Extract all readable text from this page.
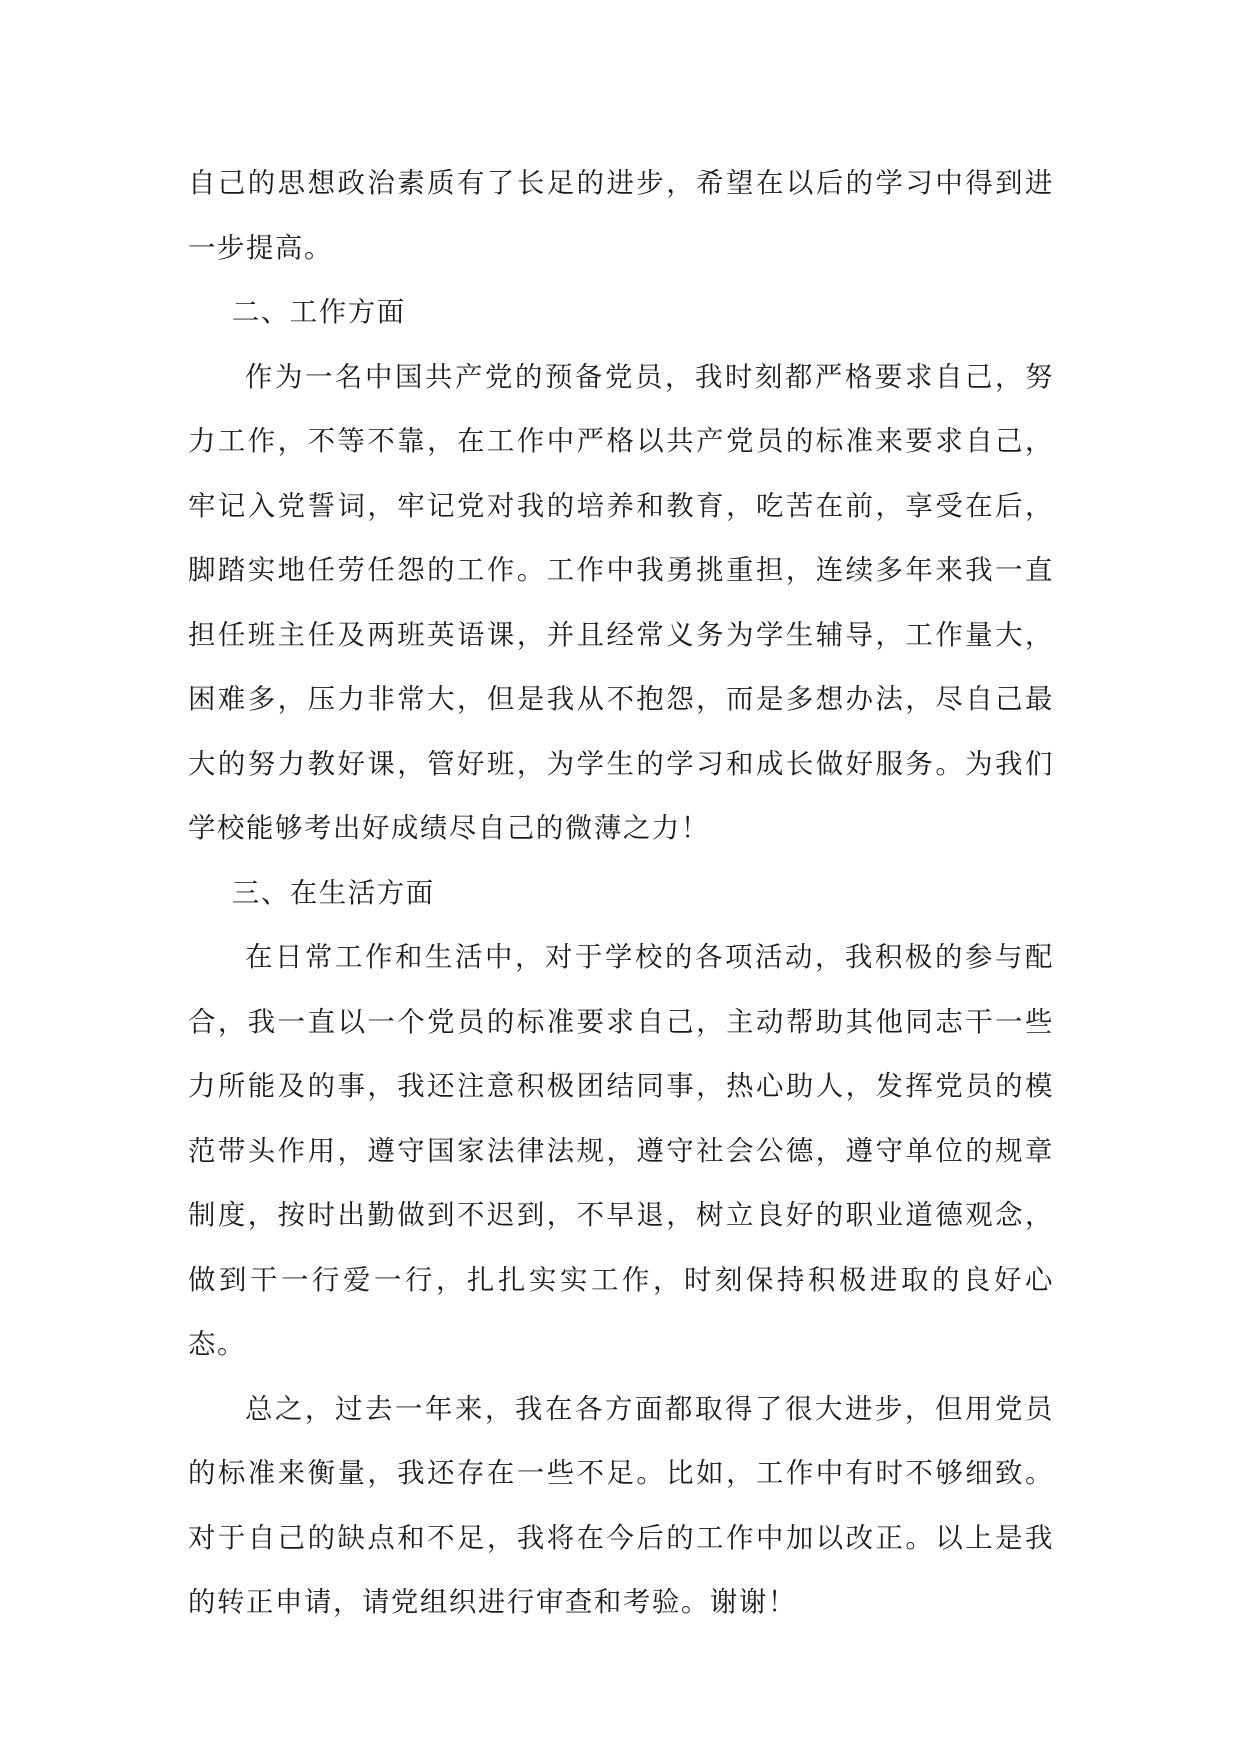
自己的思想政治素质有了长足的进步，希望在以后的学习中得到进一步提高。

二、工作方面

作为一名中国共产党的预备党员，我时刻都严格要求自己，努力工作，不等不靠，在工作中严格以共产党员的标准来要求自己，牢记入党誓词，牢记党对我的培养和教育，吃苦在前，享受在后，脚踏实地任劳任怨的工作。工作中我勇挑重担，连续多年来我一直担任班主任及两班英语课，并且经常义务为学生辅导，工作量大，困难多，压力非常大，但是我从不抱怨，而是多想办法，尽自己最大的努力教好课，管好班，为学生的学习和成长做好服务。为我们学校能够考出好成绩尽自己的微薄之力！

三、在生活方面

在日常工作和生活中，对于学校的各项活动，我积极的参与配合，我一直以一个党员的标准要求自己，主动帮助其他同志干一些力所能及的事，我还注意积极团结同事，热心助人，发挥党员的模范带头作用，遵守国家法律法规，遵守社会公德，遵守单位的规章制度，按时出勤做到不迟到，不早退，树立良好的职业道德观念，做到干一行爱一行，扎扎实实工作，时刻保持积极进取的良好心态。

总之，过去一年来，我在各方面都取得了很大进步，但用党员的标准来衡量，我还存在一些不足。比如，工作中有时不够细致。对于自己的缺点和不足，我将在今后的工作中加以改正。以上是我的转正申请，请党组织进行审查和考验。谢谢！
